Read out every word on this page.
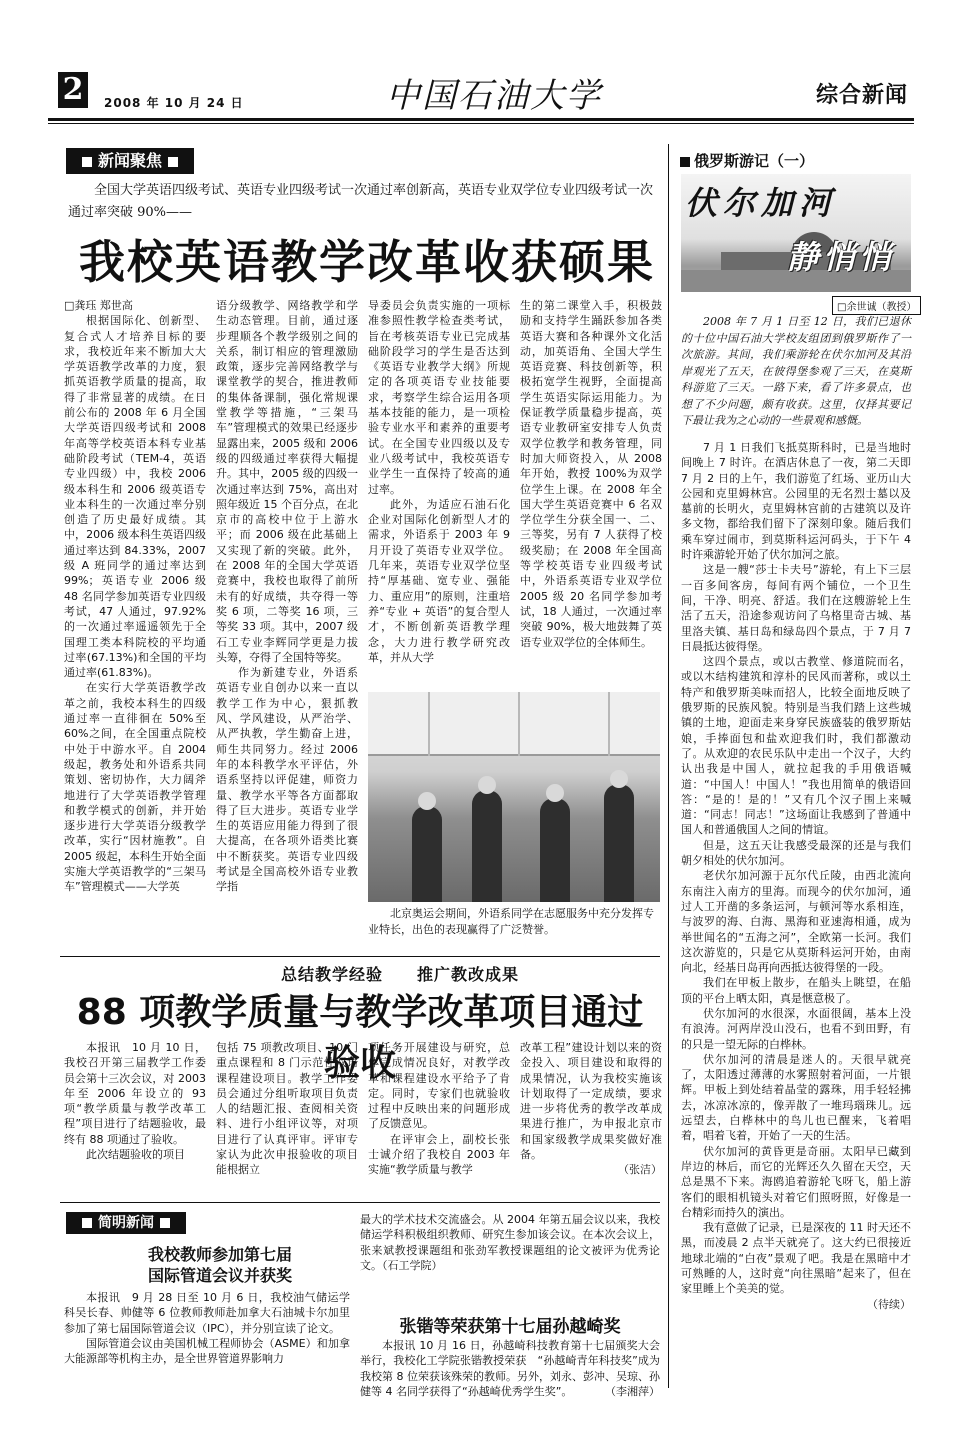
2	2008 年 10 月 24 日	中国石油大学	综合新闻
新闻聚焦
全国大学英语四级考试、英语专业四级考试一次通过率创新高，英语专业双学位专业四级考试一次通过率突破 90%——
我校英语教学改革收获硕果

□龚珏 郑世高

根据国际化、创新型、复合式人才培养目标的要求，我校近年来不断加大大学英语教学改革的力度，狠抓英语教学质量的提高，取得了非常显著的成绩。在日前公布的 2008 年 6 月全国大学英语四级考试和 2008 年高等学校英语本科专业基础阶段考试（TEM-4，英语专业四级）中，我校 2006 级本科生和 2006 级英语专业本科生的一次通过率分别创造了历史最好成绩。其中，2006 级本科生英语四级通过率达到 84.33%，2007 级 A 班同学的通过率达到 99%；英语专业 2006 级 48 名同学参加英语专业四级考试，47 人通过，97.92%的一次通过率遥遥领先于全国理工类本科院校的平均通过率(67.13%)和全国的平均通过率(61.83%)。

在实行大学英语教学改革之前，我校本科生的四级通过率一直徘徊在 50%至 60%之间，在全国重点院校中处于中游水平。自 2004 级起，教务处和外语系共同策划、密切协作，大力阔斧地进行了大学英语教学管理和教学模式的创新，并开始逐步进行大学英语分级教学改革，实行“因材施教”。自 2005 级起，本科生开始全面实施大学英语教学的“三架马车”管理模式——大学英

语分级教学、网络教学和学生动态管理。目前，通过逐步理顺各个教学级别之间的关系，制订相应的管理激励政策，逐步完善网络教学与课堂教学的契合，推进教师的集体备课制，强化常规课堂教学等措施，“三架马车”管理模式的效果已经逐步显露出来，2005 级和 2006 级的四级通过率获得大幅提升。其中，2005 级的四级一次通过率达到 75%，高出对照年级近 15 个百分点，在北京市的高校中位于上游水平；而 2006 级在此基础上又实现了新的突破。此外，在 2008 年的全国大学英语竞赛中，我校也取得了前所未有的好成绩，共夺得一等奖 6 项，二等奖 16 项，三等奖 33 项。其中，2007 级石工专业李辉同学更是力拔头筹，夺得了全国特等奖。

作为新建专业，外语系英语专业自创办以来一直以教学工作为中心，狠抓教风、学风建设，从严治学、从严执教，学生勤奋上进，师生共同努力。经过 2006 年的本科教学水平评估，外语系坚持以评促建，师资力量、教学水平等各方面都取得了巨大进步。英语专业学生的英语应用能力得到了很大提高，在各项外语类比赛中不断获奖。英语专业四级考试是全国高校外语专业教学指

导委员会负责实施的一项标准参照性教学检查类考试，旨在考核英语专业已完成基础阶段学习的学生是否达到《英语专业教学大纲》所规定的各项英语专业技能要求，考察学生综合运用各项基本技能的能力，是一项检验专业水平和素养的重要考试。在全国专业四级以及专业八级考试中，我校英语专业学生一直保持了较高的通过率。

此外，为适应石油石化企业对国际化创新型人才的需求，外语系于 2003 年 9 月开设了英语专业双学位。几年来，英语专业双学位坚持“厚基础、宽专业、强能力、重应用”的原则，注重培养“专业 + 英语”的复合型人才，不断创新英语教学理念，大力进行教学研究改革，并从大学

生的第二课堂入手，积极鼓励和支持学生踊跃参加各类英语大赛和各种课外文化活动，加英语角、全国大学生英语竞赛、科技创新等，积极拓宽学生视野，全面提高学生英语实际运用能力。为保证教学质量稳步提高，英语专业教研室安排专人负责双学位教学和教务管理，同时加大师资投入，从 2008 年开始，教授 100%为双学位学生上课。在 2008 年全国大学生英语竞赛中 6 名双学位学生分获全国一、二、三等奖，另有 7 人获得了校级奖励；在 2008 年全国高等学校英语专业四级考试中，外语系英语专业双学位 2005 级 20 名同学参加考试，18 人通过，一次通过率突破 90%，极大地鼓舞了英语专业双学位的全体师生。

北京奥运会期间，外语系同学在志愿服务中充分发挥专业特长，出色的表现赢得了广泛赞誉。
总结教学经验　　推广教改成果
88 项教学质量与教学改革项目通过验收

本报讯　10 月 10 日，我校召开第三届教学工作委员会第十三次会议，对 2003 年至 2006 年设立的 93 项“教学质量与教学改革工程”项目进行了结题验收，最终有 88 项通过了验收。

此次结题验收的项目

包括 75 项教改项目、10 门重点课程和 8 门示范性双语课程建设项目。教学工作委员会通过分组听取项目负责人的结题汇报、查阅相关资料、进行小组评议等，对项目进行了认真评审。评审专家认为此次申报验收的项目能根据立

项任务开展建设与研究，总体完成情况良好，对教学改革和课程建设水平给予了肯定。同时，专家们也就验收过程中反映出来的问题形成了反馈意见。

在评审会上，副校长张士诚介绍了我校自 2003 年实施“教学质量与教学

改革工程”建设计划以来的资金投入、项目建设和取得的成果情况，认为我校实施该计划取得了一定成绩，要求进一步将优秀的教学改革成果进行推广，为申报北京市和国家级教学成果奖做好准备。

（张洁）

简明新闻
我校教师参加第七届
国际管道会议并获奖

本报讯　9 月 28 日至 10 月 6 日，我校油气储运学科吴长春、帅健等 6 位教师教师赴加拿大石油城卡尔加里参加了第七届国际管道会议（IPC），并分别宣读了论文。

国际管道会议由美国机械工程师协会（ASME）和加拿大能源部等机构主办，是全世界管道界影响力

最大的学术技术交流盛会。从 2004 年第五届会议以来，我校储运学科积极组织教师、研究生参加该会议。在本次会议上，张来斌教授课题组和张劲军教授课题组的论文被评为优秀论文。（石工学院）

张锴等荣获第十七届孙越崎奖

本报讯 10 月 16 日，孙越崎科技教育第十七届颁奖大会举行，我校化工学院张锴教授荣获　“孙越崎青年科技奖”成为我校第 8 位荣获该殊荣的教师。另外，刘永、彭冲、吴琼、孙健等 4 名同学获得了“孙越崎优秀学生奖”。	（李湘萍）

俄罗斯游记（一）
伏尔加河
静悄悄
□余世诚（教授）
2008 年 7 月 1 日至 12 日，我们已退休的十位中国石油大学校友组团到俄罗斯作了一次旅游。其间，我们乘游轮在伏尔加河及其沿岸观光了五天，在彼得堡参观了三天，在莫斯科游览了三天。一路下来，看了许多景点，也想了不少问题，颇有收获。这里，仅择其要记下最让我为之心动的一些景观和感慨。

7 月 1 日我们飞抵莫斯科时，已是当地时间晚上 7 时许。在酒店休息了一夜，第二天即 7 月 2 日的上午，我们游览了红场、亚历山大公园和克里姆林宫。公园里的无名烈士墓以及墓前的长明火，克里姆林宫前的古建筑以及许多文物，都给我们留下了深刻印象。随后我们乘车穿过闹市，到莫斯科运河码头，于下午 4 时许乘游轮开始了伏尔加河之旅。

这是一艘“莎士卡夫号”游轮，有上下三层一百多间客房，每间有两个铺位，一个卫生间，干净、明亮、舒适。我们在这艘游轮上生活了五天，沿途参观访问了乌格里奇古城、基里洛夫镇、基日岛和绿岛四个景点，于 7 月 7 日晨抵达彼得堡。

这四个景点，或以古教堂、修道院而名，或以木结构建筑和淳朴的民风而著称，或以土特产和俄罗斯美味而招人，比较全面地反映了俄罗斯的民族风貌。特别是当我们踏上这些城镇的土地，迎面走来身穿民族盛装的俄罗斯姑娘，手捧面包和盐欢迎我们时，我们都激动了。从欢迎的农民乐队中走出一个汉子，大约认出我是中国人，就拉起我的手用俄语喊道：“中国人！中国人！”我也用简单的俄语回答：“是的！是的！”又有几个汉子围上来喊道：“同志！同志！”这场面让我感到了普通中国人和普通俄国人之间的情谊。

但是，这五天让我感受最深的还是与我们朝夕相处的伏尔加河。

老伏尔加河源于瓦尔代丘陵，由西北流向东南注入南方的里海。而现今的伏尔加河，通过人工开凿的多条运河，与顿河等水系相连，与波罗的海、白海、黑海和亚速海相通，成为举世闻名的“五海之河”，全欧第一长河。我们这次游览的，只是它从莫斯科运河开始，由南向北，经基日岛再向西抵达彼得堡的一段。

我们在甲板上散步，在船头上眺望，在船顶的平台上晒太阳，真是惬意极了。

伏尔加河的水很深，水面很阔，基本上没有浪涛。河两岸没山没石，也看不到田野，有的只是一望无际的白桦林。

伏尔加河的清晨是迷人的。天很早就亮了，太阳透过薄薄的水雾照射着河面，一片银辉。甲板上到处结着晶莹的露珠，用手轻轻拂去，冰凉冰凉的，像弄散了一堆玛瑙珠儿。远远望去，白桦林中的鸟儿也已醒来，飞着唱着，唱着飞着，开始了一天的生活。

伏尔加河的黄昏更是奇丽。太阳早已藏到岸边的林后，而它的光辉还久久留在天空，天总是黑不下来。海鸥追着游轮飞呀飞，船上游客们的眼相机镜头对着它们照呀照，好像是一台精彩而持久的演出。

我有意做了记录，已是深夜的 11 时天还不黑，而凌晨 2 点半天就亮了。这大约已很接近地球北端的“白夜”景观了吧。我是在黑暗中才可熟睡的人，这时竟“向往黑暗”起来了，但在家里睡上个美美的觉。

（待续）
